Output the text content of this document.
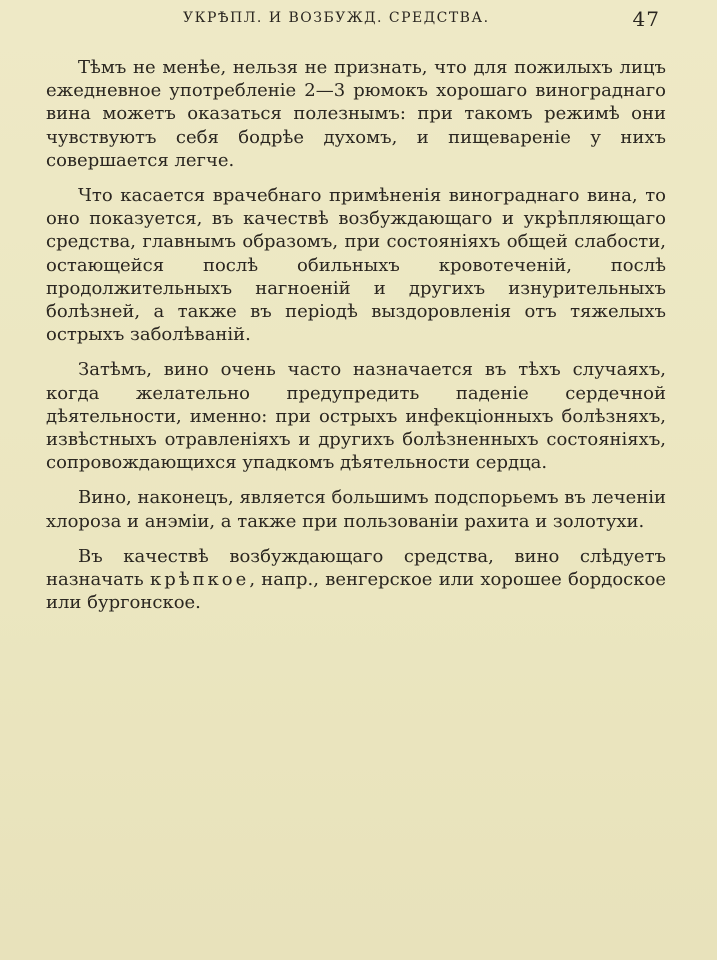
УКРѢПЛ. И ВОЗБУЖД. СРЕДСТВА.	47

Тѣмъ не менѣе, нельзя не признать, что для пожилыхъ лицъ ежедневное употребленіе 2—3 рюмокъ хорошаго винограднаго вина можетъ оказаться полезнымъ: при такомъ режимѣ они чувствуютъ себя бодрѣе духомъ, и пищевареніе у нихъ совершается легче.

Что касается врачебнаго примѣненія винограднаго вина, то оно показуется, въ качествѣ возбуждающаго и укрѣпляющаго средства, главнымъ образомъ, при состояніяхъ общей слабости, остающейся послѣ обильныхъ кровотеченій, послѣ продолжительныхъ нагноеній и другихъ изнурительныхъ болѣзней, а также въ періодѣ выздоровленія отъ тяжелыхъ острыхъ заболѣваній.

Затѣмъ, вино очень часто назначается въ тѣхъ случаяхъ, когда желательно предупредить паденіе сердечной дѣятельности, именно: при острыхъ инфекціонныхъ болѣзняхъ, извѣстныхъ отравленіяхъ и другихъ болѣзненныхъ состояніяхъ, сопровождающихся упадкомъ дѣятельности сердца.

Вино, наконецъ, является большимъ подспорьемъ въ леченіи хлороза и анэміи, а также при пользованіи рахита и золотухи.

Въ качествѣ возбуждающаго средства, вино слѣдуетъ назначать крѣпкое, напр., венгерское или хорошее бордоское или бургонское.
